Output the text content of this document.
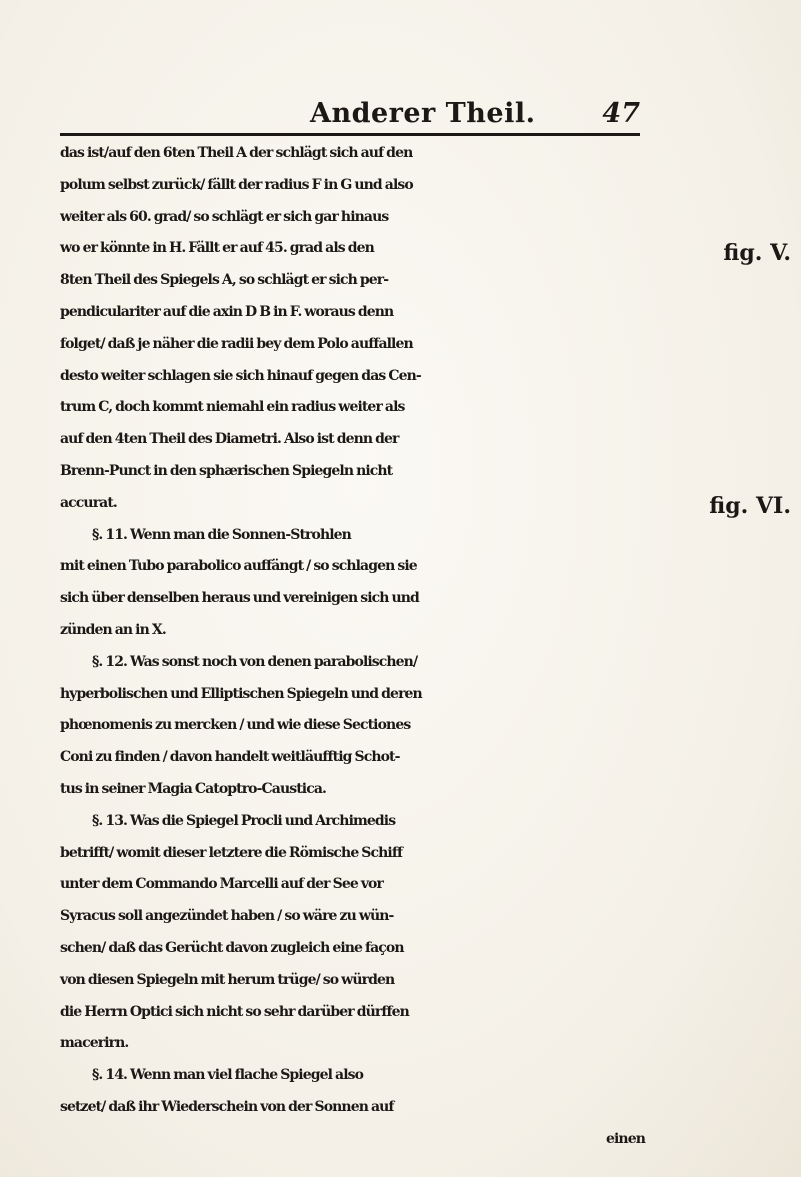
Anderer Theil. 47
fig. V.
fig. VI.
das ist/auf den 6ten Theil A der schlägt sich auf den
polum selbst zurück/ fällt der radius F in G und also
weiter als 60. grad/ so schlägt er sich gar hinaus
wo er könnte in H. Fällt er auf 45. grad als den
8ten Theil des Spiegels A, so schlägt er sich per-
pendiculariter auf die axin D B in F. woraus denn
folget/ daß je näher die radii bey dem Polo auffallen
desto weiter schlagen sie sich hinauf gegen das Cen-
trum C, doch kommt niemahl ein radius weiter als
auf den 4ten Theil des Diametri. Also ist denn der
Brenn-Punct in den sphærischen Spiegeln nicht
accurat.
§. 11. Wenn man die Sonnen-Strohlen
mit einen Tubo parabolico auffängt / so schlagen sie
sich über denselben heraus und vereinigen sich und
zünden an in X.
§. 12. Was sonst noch von denen parabolischen/
hyperbolischen und Elliptischen Spiegeln und deren
phœnomenis zu mercken / und wie diese Sectiones
Coni zu finden / davon handelt weitläufftig Schot-
tus in seiner Magia Catoptro-Caustica.
§. 13. Was die Spiegel Procli und Archimedis
betrifft/ womit dieser letztere die Römische Schiff
unter dem Commando Marcelli auf der See vor
Syracus soll angezündet haben / so wäre zu wün-
schen/ daß das Gerücht davon zugleich eine façon
von diesen Spiegeln mit herum trüge/ so würden
die Herrn Optici sich nicht so sehr darüber dürffen
macerirn.
§. 14. Wenn man viel flache Spiegel also
setzet/ daß ihr Wiederschein von der Sonnen auf
einen
